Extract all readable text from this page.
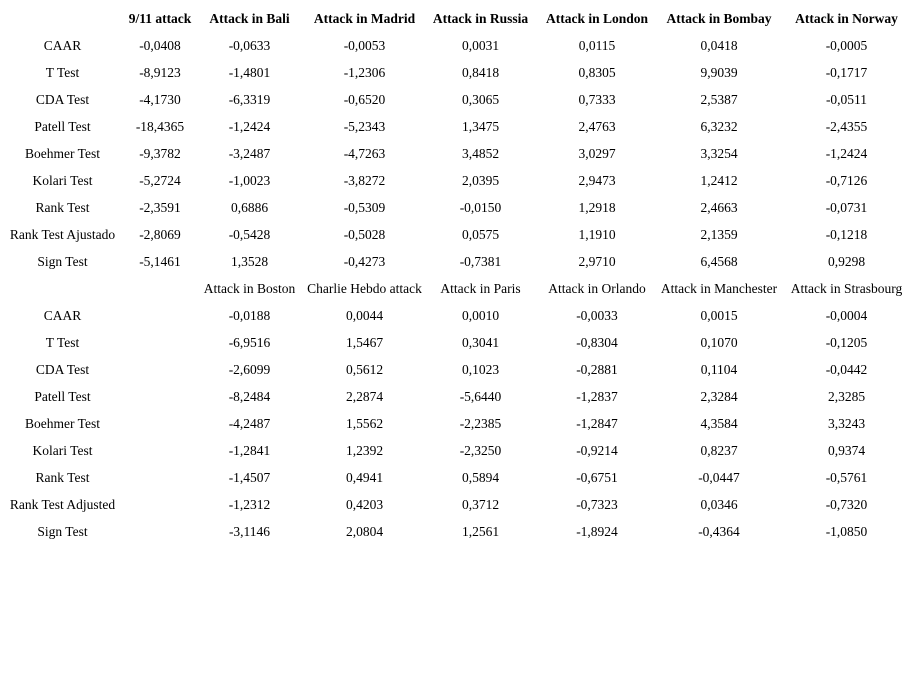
	9/11 attack	Attack in Bali	Attack in Madrid	Attack in Russia	Attack in London	Attack in Bombay	Attack in Norway
CAAR	-0,0408	-0,0633	-0,0053	0,0031	0,0115	0,0418	-0,0005
T Test	-8,9123	-1,4801	-1,2306	0,8418	0,8305	9,9039	-0,1717
CDA Test	-4,1730	-6,3319	-0,6520	0,3065	0,7333	2,5387	-0,0511
Patell Test	-18,4365	-1,2424	-5,2343	1,3475	2,4763	6,3232	-2,4355
Boehmer Test	-9,3782	-3,2487	-4,7263	3,4852	3,0297	3,3254	-1,2424
Kolari Test	-5,2724	-1,0023	-3,8272	2,0395	2,9473	1,2412	-0,7126
Rank Test	-2,3591	0,6886	-0,5309	-0,0150	1,2918	2,4663	-0,0731
Rank Test Ajustado	-2,8069	-0,5428	-0,5028	0,0575	1,1910	2,1359	-0,1218
Sign Test	-5,1461	1,3528	-0,4273	-0,7381	2,9710	6,4568	0,9298
		Attack in Boston	Charlie Hebdo attack	Attack in Paris	Attack in Orlando	Attack in Manchester	Attack in Strasbourg
CAAR		-0,0188	0,0044	0,0010	-0,0033	0,0015	-0,0004
T Test		-6,9516	1,5467	0,3041	-0,8304	0,1070	-0,1205
CDA Test		-2,6099	0,5612	0,1023	-0,2881	0,1104	-0,0442
Patell Test		-8,2484	2,2874	-5,6440	-1,2837	2,3284	2,3285
Boehmer Test		-4,2487	1,5562	-2,2385	-1,2847	4,3584	3,3243
Kolari Test		-1,2841	1,2392	-2,3250	-0,9214	0,8237	0,9374
Rank Test		-1,4507	0,4941	0,5894	-0,6751	-0,0447	-0,5761
Rank Test Adjusted		-1,2312	0,4203	0,3712	-0,7323	0,0346	-0,7320
Sign Test		-3,1146	2,0804	1,2561	-1,8924	-0,4364	-1,0850
